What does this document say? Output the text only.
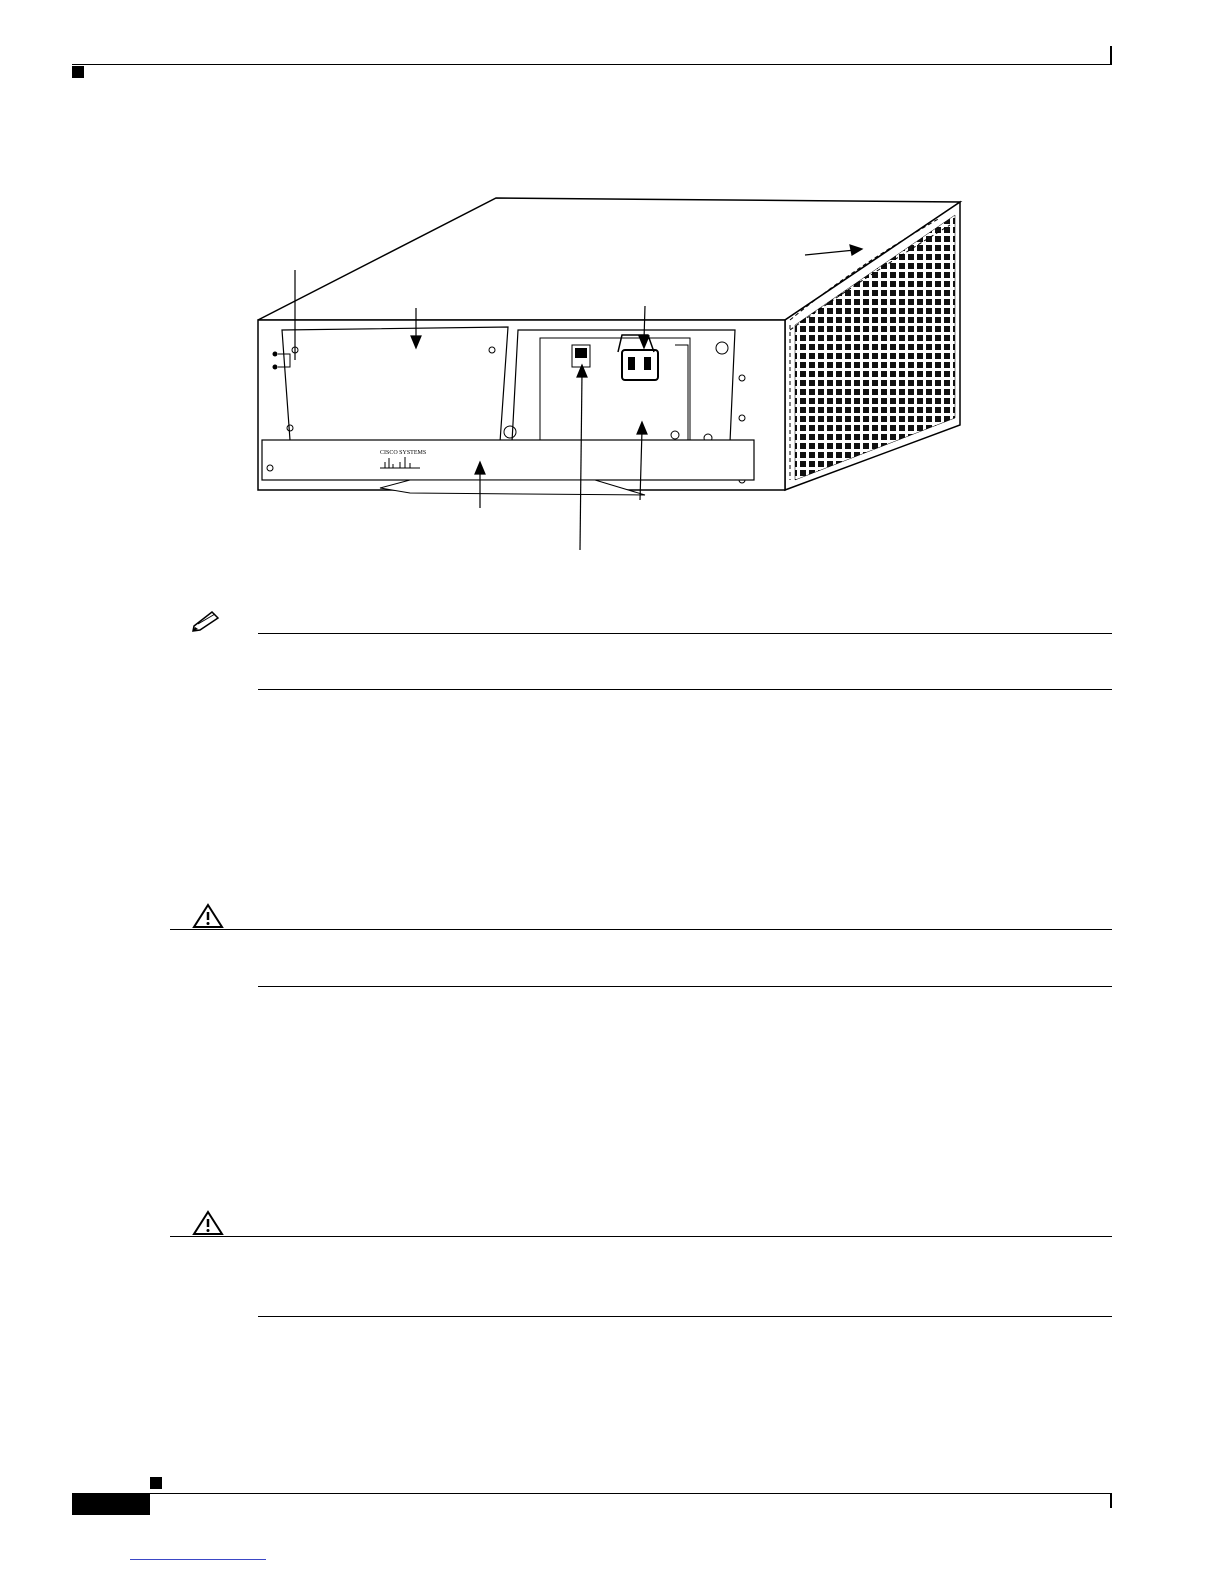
CISCO SYSTEMS
